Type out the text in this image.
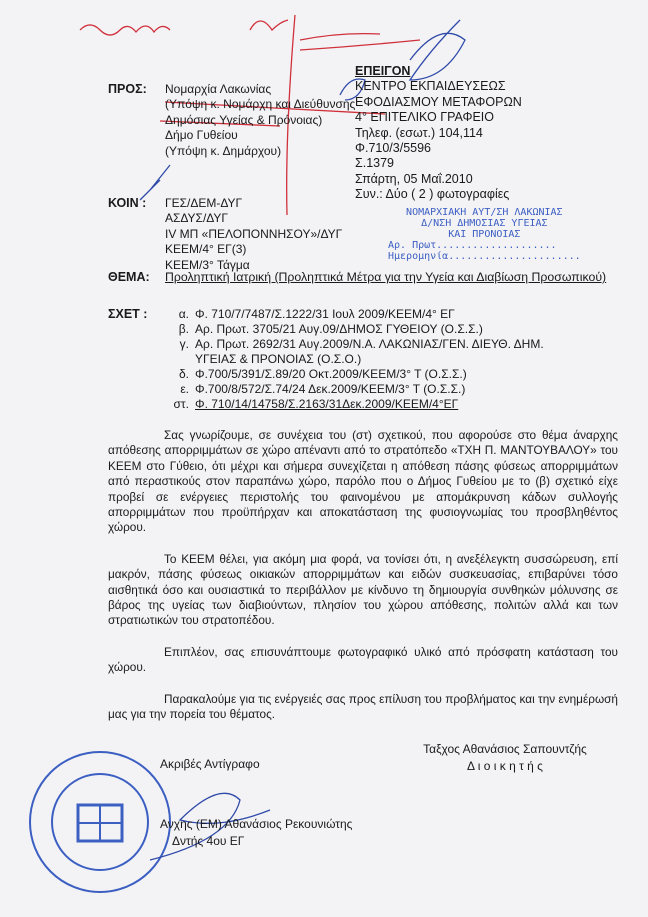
ΠΡΟΣ: Νομαρχία Λακωνίας
(Υπόψη κ. Νομάρχη και Διεύθυνσης
Δημόσιας Υγείας & Πρόνοιας)
Δήμο Γυθείου
(Υπόψη κ. Δημάρχου)
ΕΠΕΙΓΟΝ
ΚΕΝΤΡΟ ΕΚΠΑΙΔΕΥΣΕΩΣ
ΕΦΟΔΙΑΣΜΟΥ ΜΕΤΑΦΟΡΩΝ
4° ΕΠΙΤΕΛΙΚΟ ΓΡΑΦΕΙΟ
Τηλεφ. (εσωτ.) 104,114
Φ.710/3/5596
Σ.1379
Σπάρτη, 05 Μαΐ.2010
Συν.: Δύο ( 2 ) φωτογραφίες
ΝΟΜΑΡΧΙΑΚΗ ΑΥΤ/ΣΗ ΛΑΚΩΝΙΑΣ
Δ/ΝΣΗ ΔΗΜΟΣΙΑΣ ΥΓΕΙΑΣ
ΚΑΙ ΠΡΟΝΟΙΑΣ
Αρ. Πρωτ....................
Ημερομηνία......................
ΚΟΙΝ : ΓΕΣ/ΔΕΜ-ΔΥΓ
ΑΣΔΥΣ/ΔΥΓ
IV ΜΠ «ΠΕΛΟΠΟΝΝΗΣΟΥ»/ΔΥΓ
ΚΕΕΜ/4° ΕΓ(3)
ΚΕΕΜ/3° Τάγμα
ΘΕΜΑ: Προληπτική Ιατρική (Προληπτικά Μέτρα για την Υγεία και Διαβίωση Προσωπικού)
ΣΧΕΤ :	α. Φ. 710/7/7487/Σ.1222/31 Ιουλ 2009/ΚΕΕΜ/4° ΕΓ
β. Αρ. Πρωτ. 3705/21 Αυγ.09/ΔΗΜΟΣ ΓΥΘΕΙΟΥ (Ο.Σ.Σ.)
γ. Αρ. Πρωτ. 2692/31 Αυγ.2009/Ν.Α. ΛΑΚΩΝΙΑΣ/ΓΕΝ. ΔΙΕΥΘ. ΔΗΜ.
ΥΓΕΙΑΣ & ΠΡΟΝΟΙΑΣ (Ο.Σ.Ο.)
δ. Φ.700/5/391/Σ.89/20 Οκτ.2009/ΚΕΕΜ/3° Τ (Ο.Σ.Σ.)
ε. Φ.700/8/572/Σ.74/24 Δεκ.2009/ΚΕΕΜ/3° Τ (Ο.Σ.Σ.)
στ. Φ. 710/14/14758/Σ.2163/31Δεκ.2009/ΚΕΕΜ/4°ΕΓ
Σας γνωρίζουμε, σε συνέχεια του (στ) σχετικού, που αφορούσε στο θέμα άναρχης απόθεσης απορριμμάτων σε χώρο απέναντι από το στρατόπεδο «ΤΧΗ Π. ΜΑΝΤΟΥΒΑΛΟΥ» του ΚΕΕΜ στο Γύθειο, ότι μέχρι και σήμερα συνεχίζεται η απόθεση πάσης φύσεως απορριμμάτων από περαστικούς στον παραπάνω χώρο, παρόλο που ο Δήμος Γυθείου με το (β) σχετικό είχε προβεί σε ενέργειες περιστολής του φαινομένου με απομάκρυνση κάδων συλλογής απορριμμάτων που προϋπήρχαν και αποκατάσταση της φυσιογνωμίας του προσβληθέντος χώρου.
Το ΚΕΕΜ θέλει, για ακόμη μια φορά, να τονίσει ότι, η ανεξέλεγκτη συσσώρευση, επί μακρόν, πάσης φύσεως οικιακών απορριμμάτων και ειδών συσκευασίας, επιβαρύνει τόσο αισθητικά όσο και ουσιαστικά το περιβάλλον με κίνδυνο τη δημιουργία συνθηκών μόλυνσης σε βάρος της υγείας των διαβιούντων, πλησίον του χώρου απόθεσης, πολιτών αλλά και των στρατιωτικών του στρατοπέδου.
Επιπλέον, σας επισυνάπτουμε φωτογραφικό υλικό από πρόσφατη κατάσταση του χώρου.
Παρακαλούμε για τις ενέργειές σας προς επίλυση του προβλήματος και την ενημέρωσή μας για την πορεία του θέματος.
Ταξχος Αθανάσιος Σαπουντζής
Δ ι ο ι κ η τ ή ς
Ακριβές Αντίγραφο
Ανχης (ΕΜ) Αθανάσιος Ρεκουνιώτης
Δντής 4ου ΕΓ
